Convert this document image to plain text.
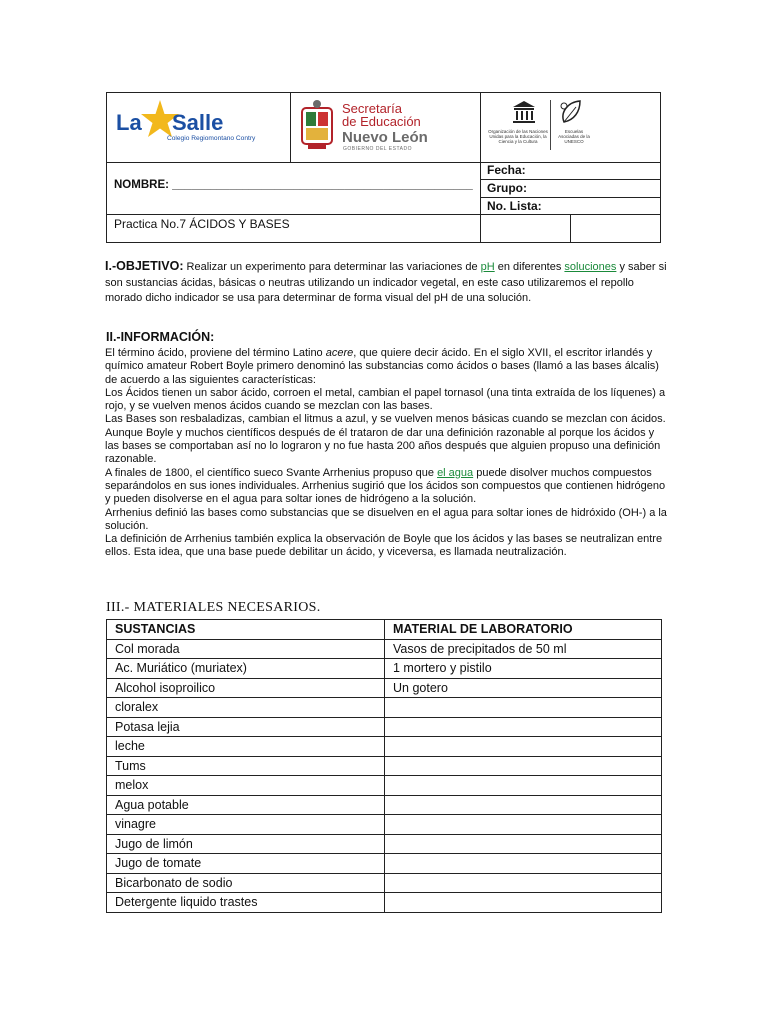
La Salle
Colegio Regiomontano Contry
Secretaría
de Educación
Nuevo León
GOBIERNO DEL ESTADO
Organización de las Naciones Unidas para la Educación, la Ciencia y la Cultura
Escuelas Asociadas de la UNESCO
NOMBRE: _______________________________________________
Fecha:
Grupo:
No. Lista:
Practica No.7 ÁCIDOS Y BASES

I.-OBJETIVO: Realizar un experimento para determinar las variaciones de pH en diferentes soluciones y saber si son sustancias ácidas, básicas o neutras utilizando un indicador vegetal, en este caso utilizaremos el repollo morado dicho indicador se usa para determinar de forma visual del pH de una solución.

II.-INFORMACIÓN:

El término ácido, proviene del término Latino acere, que quiere decir ácido. En el siglo XVII, el escritor irlandés y químico amateur Robert Boyle primero denominó las substancias como ácidos o bases (llamó a las bases álcalis) de acuerdo a las siguientes características:

Los Ácidos tienen un sabor ácido, corroen el metal, cambian el papel tornasol (una tinta extraída de los líquenes) a rojo, y se vuelven menos ácidos cuando se mezclan con las bases.

Las Bases son resbaladizas, cambian el litmus a azul, y se vuelven menos básicas cuando se mezclan con ácidos.

Aunque Boyle y muchos científicos después de él trataron de dar una definición razonable al porque los ácidos y las bases se comportaban así no lo lograron y no fue hasta 200 años después que alguien propuso una definición razonable.

A finales de 1800, el científico sueco Svante Arrhenius propuso que el agua puede disolver muchos compuestos separándolos en sus iones individuales. Arrhenius sugirió que los ácidos son compuestos que contienen hidrógeno y pueden disolverse en el agua para soltar iones de hidrógeno a la solución.

Arrhenius definió las bases como substancias que se disuelven en el agua para soltar iones de hidróxido (OH-) a la solución.

La definición de Arrhenius también explica la observación de Boyle que los ácidos y las bases se neutralizan entre ellos. Esta idea, que una base puede debilitar un ácido, y viceversa, es llamada neutralización.

III.- MATERIALES NECESARIOS.
SUSTANCIAS	MATERIAL DE LABORATORIO
Col morada	Vasos de precipitados de 50 ml
Ac. Muriático (muriatex)	1 mortero y pistilo
Alcohol isoproilico	Un gotero
cloralex	
Potasa lejia	
leche	
Tums	
melox	
Agua potable	
vinagre	
Jugo de limón	
Jugo de tomate	
Bicarbonato de sodio	
Detergente liquido trastes	
